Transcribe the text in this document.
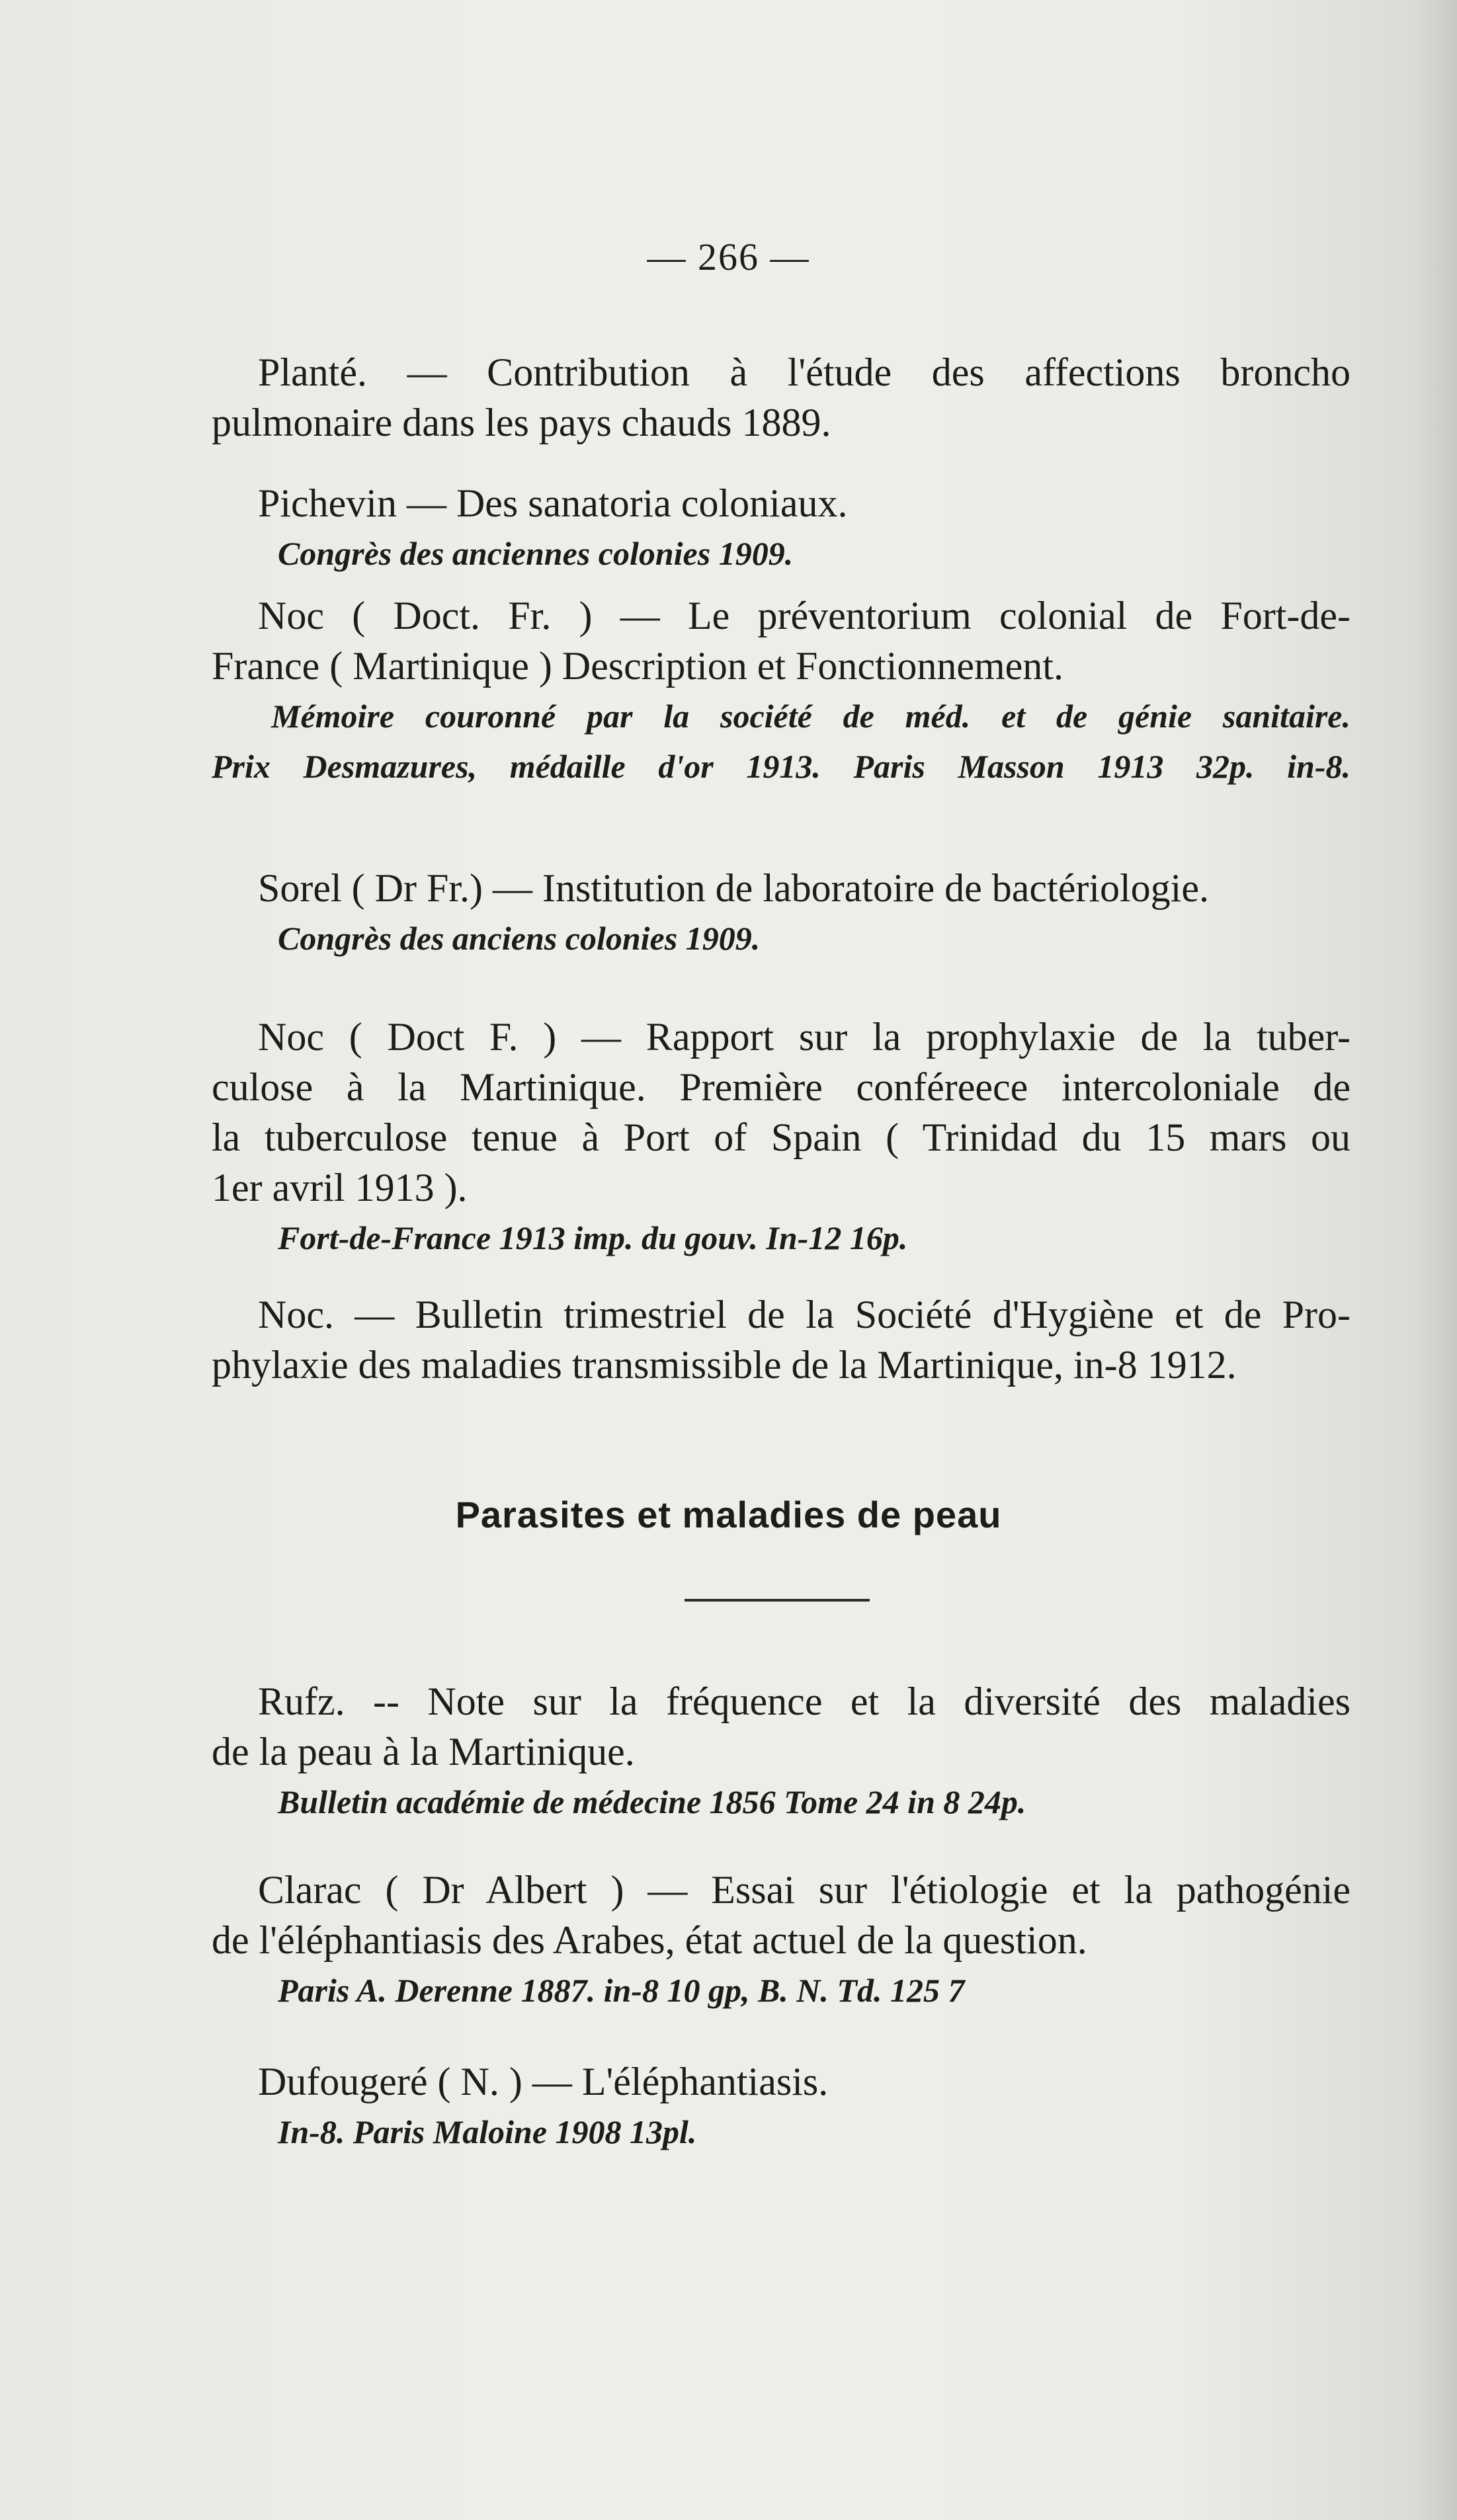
— 266 —
Planté. — Contribution à l'étude des affections broncho
pulmonaire dans les pays chauds 1889.
Pichevin — Des sanatoria coloniaux.
Congrès des anciennes colonies 1909.
Noc ( Doct. Fr. ) — Le préventorium colonial de Fort-de-
France ( Martinique ) Description et Fonctionnement.
Mémoire couronné par la société de méd. et de génie sanitaire.
Prix Desmazures, médaille d'or 1913. Paris Masson 1913 32p. in-8.
Sorel ( Dr Fr.) — Institution de laboratoire de bactériologie.
Congrès des anciens colonies 1909.
Noc ( Doct F. ) — Rapport sur la prophylaxie de la tuber-
culose à la Martinique. Première conféreece intercoloniale de
la tuberculose tenue à Port of Spain ( Trinidad du 15 mars ou
1er avril 1913 ).
Fort-de-France 1913 imp. du gouv. In-12 16p.
Noc. — Bulletin trimestriel de la Société d'Hygiène et de Pro-
phylaxie des maladies transmissible de la Martinique, in-8 1912.
Parasites et maladies de peau
Rufz. -- Note sur la fréquence et la diversité des maladies
de la peau à la Martinique.
Bulletin académie de médecine 1856 Tome 24 in 8 24p.
Clarac ( Dr Albert ) — Essai sur l'étiologie et la pathogénie
de l'éléphantiasis des Arabes, état actuel de la question.
Paris A. Derenne 1887. in-8 10 gp, B. N. Td. 125 7
Dufougeré ( N. ) — L'éléphantiasis.
In-8. Paris Maloine 1908 13pl.
